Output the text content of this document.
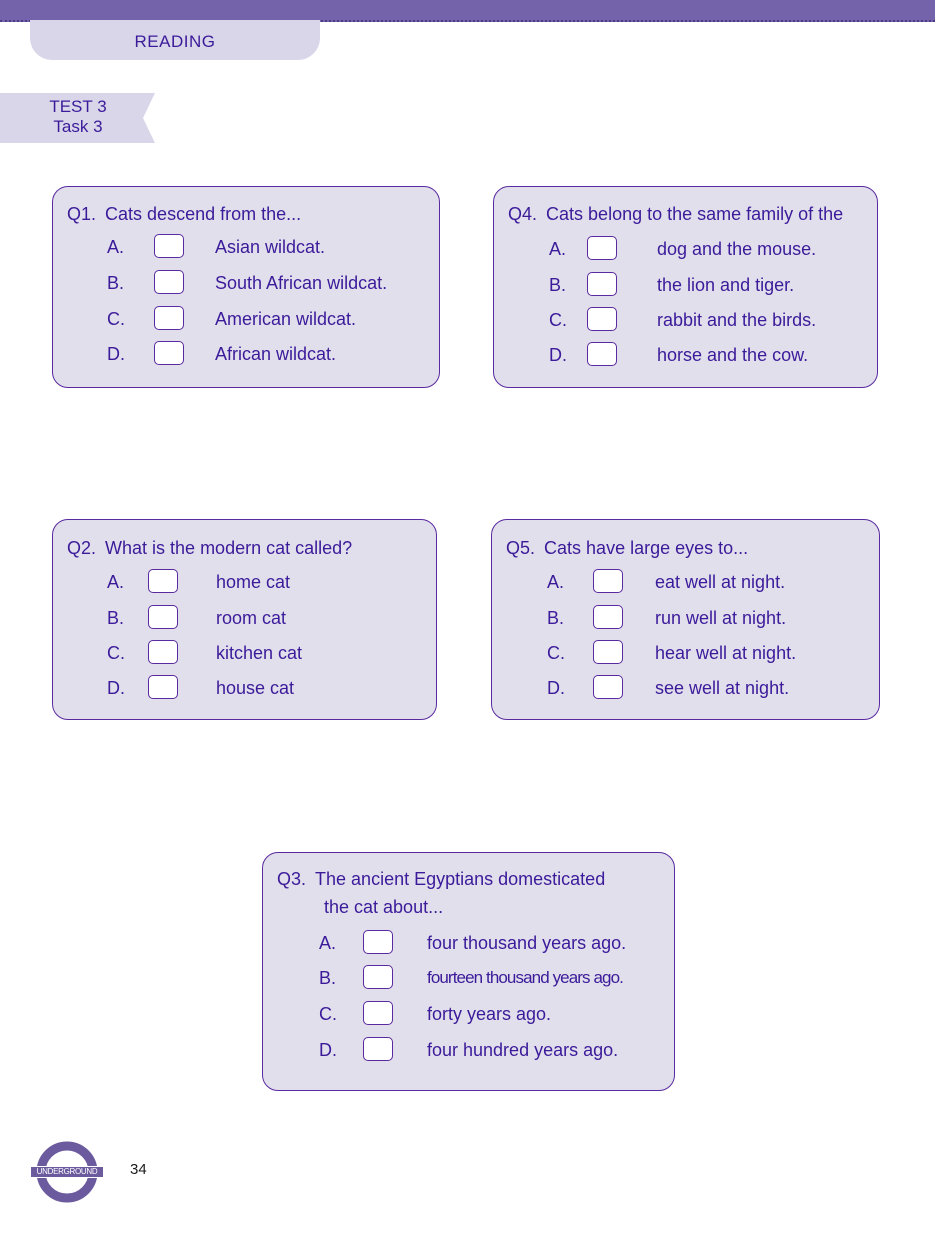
READING
TEST 3
Task 3
Q1. Cats descend from the...
A.	Asian wildcat.
B.	South African wildcat.
C.	American wildcat.
D.	African wildcat.
Q4. Cats belong to the same family of the
A.	dog and the mouse.
B.	the lion and tiger.
C.	rabbit and the birds.
D.	horse and the cow.
Q2. What is the modern cat called?
A.	home cat
B.	room cat
C.	kitchen cat
D.	house cat
Q5. Cats have large eyes to...
A.	eat well at night.
B.	run well at night.
C.	hear well at night.
D.	see well at night.
Q3. The ancient Egyptians domesticated
the cat about...
A.	four thousand years ago.
B.	fourteen thousand years ago.
C.	forty years ago.
D.	four hundred years ago.
UNDERGROUND	34
